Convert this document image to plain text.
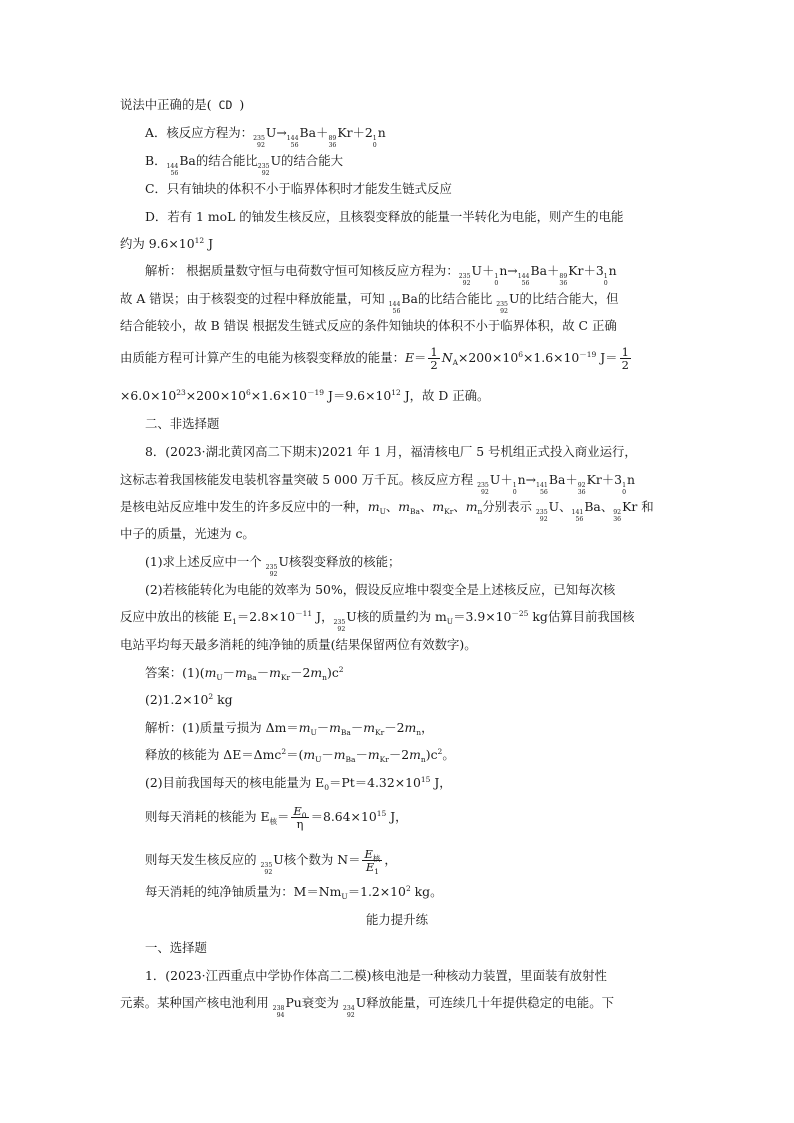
说法中正确的是( CD )
A．核反应方程为： 235
92
U→ 144
56
Ba＋ 89
36
Kr＋2 1
0
n
B． 144
56
Ba的结合能比 235
92
U的结合能大
C．只有铀块的体积不小于临界体积时才能发生链式反应
D．若有 1 moL 的铀发生核反应，且核裂变释放的能量一半转化为电能，则产生的电能
约为 $9.6\times 10^{12}$ J
解析： 根据质量数守恒与电荷数守恒可知核反应方程为： 235
92
U＋ 1
0
n→ 144
56
Ba＋ 89
36
Kr＋3 1
0
n
故 A 错误；由于核裂变的过程中释放能量，可知 144
56
Ba的比结合能比 235
92
U的比结合能大，但
结合能较小，故 B 错误 根据发生链式反应的条件知铀块的体积不小于临界体积，故 C 正确
由质能方程可计算产生的电能为核裂变释放的能量：$E= \frac{1}{2} N_A\times 200\times 10^6\times 1.6\times 10^{-19}$ $J= \frac{1}{2}$
$\times 6.0\times 10^{23}\times 200\times 10^6\times 1.6\times 10^{-19}$ $J=9.6\times 10^{12}$ J，故 D 正确。
二、非选择题
8．(2023·湖北黄冈高二下期末)2021 年 1 月，福清核电厂 5 号机组正式投入商业运行，
这标志着我国核能发电装机容量突破 5 000 万千瓦。核反应方程 235
92
U＋ 1
0
n→ 141
56
Ba＋ 92
36
Kr＋3 1
0
n
是核电站反应堆中发生的许多反应中的一种，$m_U$、$m_{Ba}$、$m_{Kr}$、$m_n$分别表示 235
92
U、 141
56
Ba、 92
36
Kr 和
中子的质量，光速为 c。
(1)求上述反应中一个 235
92
U核裂变释放的核能；
(2)若核能转化为电能的效率为 50%，假设反应堆中裂变全是上述核反应，已知每次核
反应中放出的核能 $E_1=2.8\times 10^{-11}$ J， 235
92
U核的质量约为 $m_U=3.9\times 10^{-25}$ kg估算目前我国核
电站平均每天最多消耗的纯净铀的质量(结果保留两位有效数字)。
答案：$(1)(m_U-m_{Ba}-m_{Kr}-2m_n)c^2$
$(2)1.2\times 10^2$ kg
解析：(1)质量亏损为 $\Delta m=m_U-m_{Ba}-m_{Kr}-2m_n$，
释放的核能为 $\Delta E=\Delta mc^2=(m_U-m_{Ba}-m_{Kr}-2m_n)c^2$。
(2)目前我国每天的核电能量为 $E_0=Pt=4.32\times 10^{15}$ J，
则每天消耗的核能为 $E_核= \frac{E_0}{\eta} =8.64\times 10^{15}$ J，
则每天发生核反应的 235
92
U核个数为 $N= \frac{E_核}{E_1}$ ，
每天消耗的纯净铀质量为：$M=Nm_U=1.2\times 10^2$ kg。
能力提升练
一、选择题
1．(2023·江西重点中学协作体高二二模)核电池是一种核动力装置，里面装有放射性
元素。某种国产核电池利用 238
94
Pu衰变为 234
92
U释放能量，可连续几十年提供稳定的电能。下
